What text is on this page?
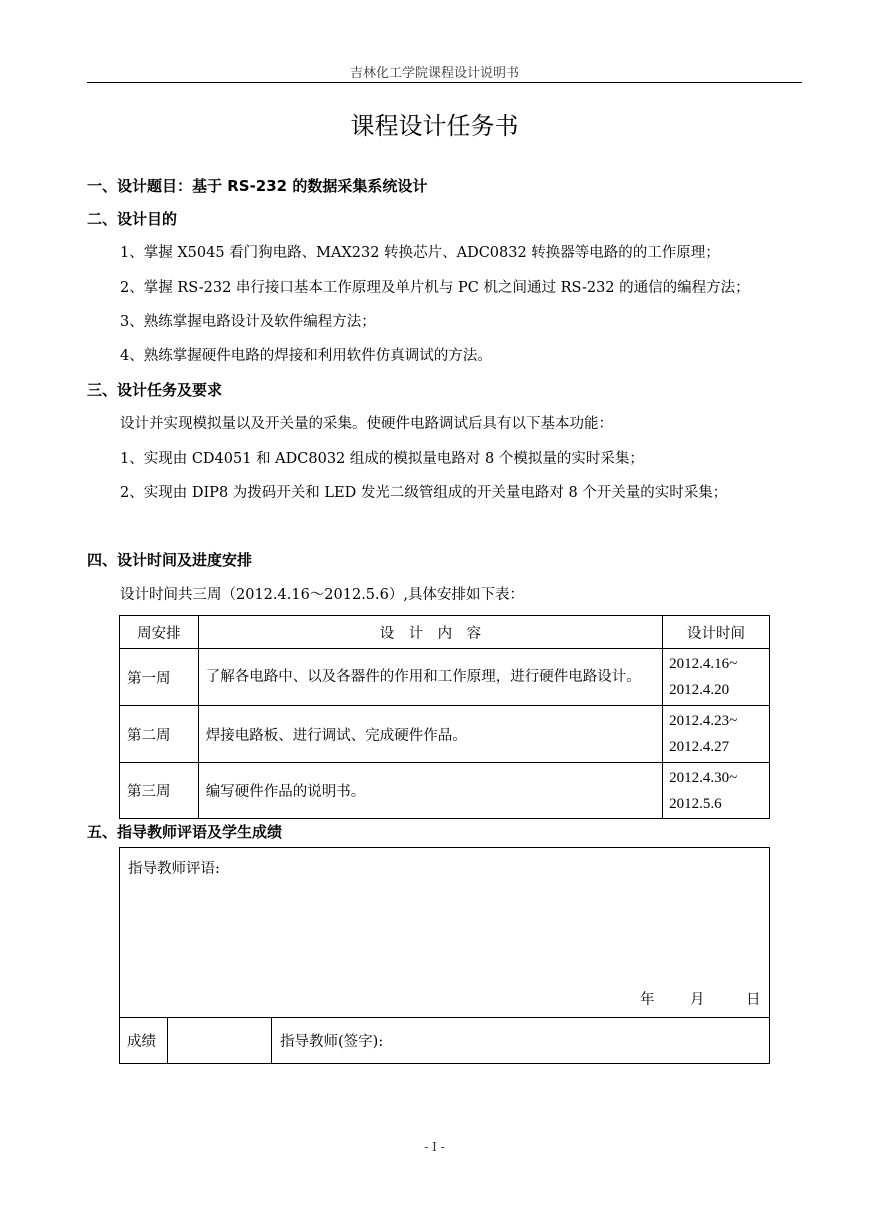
吉林化工学院课程设计说明书
课程设计任务书
一、设计题目：基于 RS-232 的数据采集系统设计
二、设计目的
1、掌握 X5045 看门狗电路、MAX232 转换芯片、ADC0832 转换器等电路的的工作原理；
2、掌握 RS-232 串行接口基本工作原理及单片机与 PC 机之间通过 RS-232 的通信的编程方法；
3、熟练掌握电路设计及软件编程方法；
4、熟练掌握硬件电路的焊接和利用软件仿真调试的方法。
三、设计任务及要求
设计并实现模拟量以及开关量的采集。使硬件电路调试后具有以下基本功能：
1、实现由 CD4051 和 ADC8032 组成的模拟量电路对 8 个模拟量的实时采集；
2、实现由 DIP8 为拨码开关和 LED 发光二级管组成的开关量电路对 8 个开关量的实时采集；
四、设计时间及进度安排
设计时间共三周（2012.4.16～2012.5.6）,具体安排如下表：
周安排	设　计　内　容	设计时间
第一周	了解各电路中、以及各器件的作用和工作原理，进行硬件电路设计。	2012.4.16~
2012.4.20

第二周	焊接电路板、进行调试、完成硬件作品。	2012.4.23~
2012.4.27

第三周	编写硬件作品的说明书。	2012.4.30~
2012.5.6
五、指导教师评语及学生成绩
指导教师评语:
年 月	日

成绩		指导教师(签字):
- I -
